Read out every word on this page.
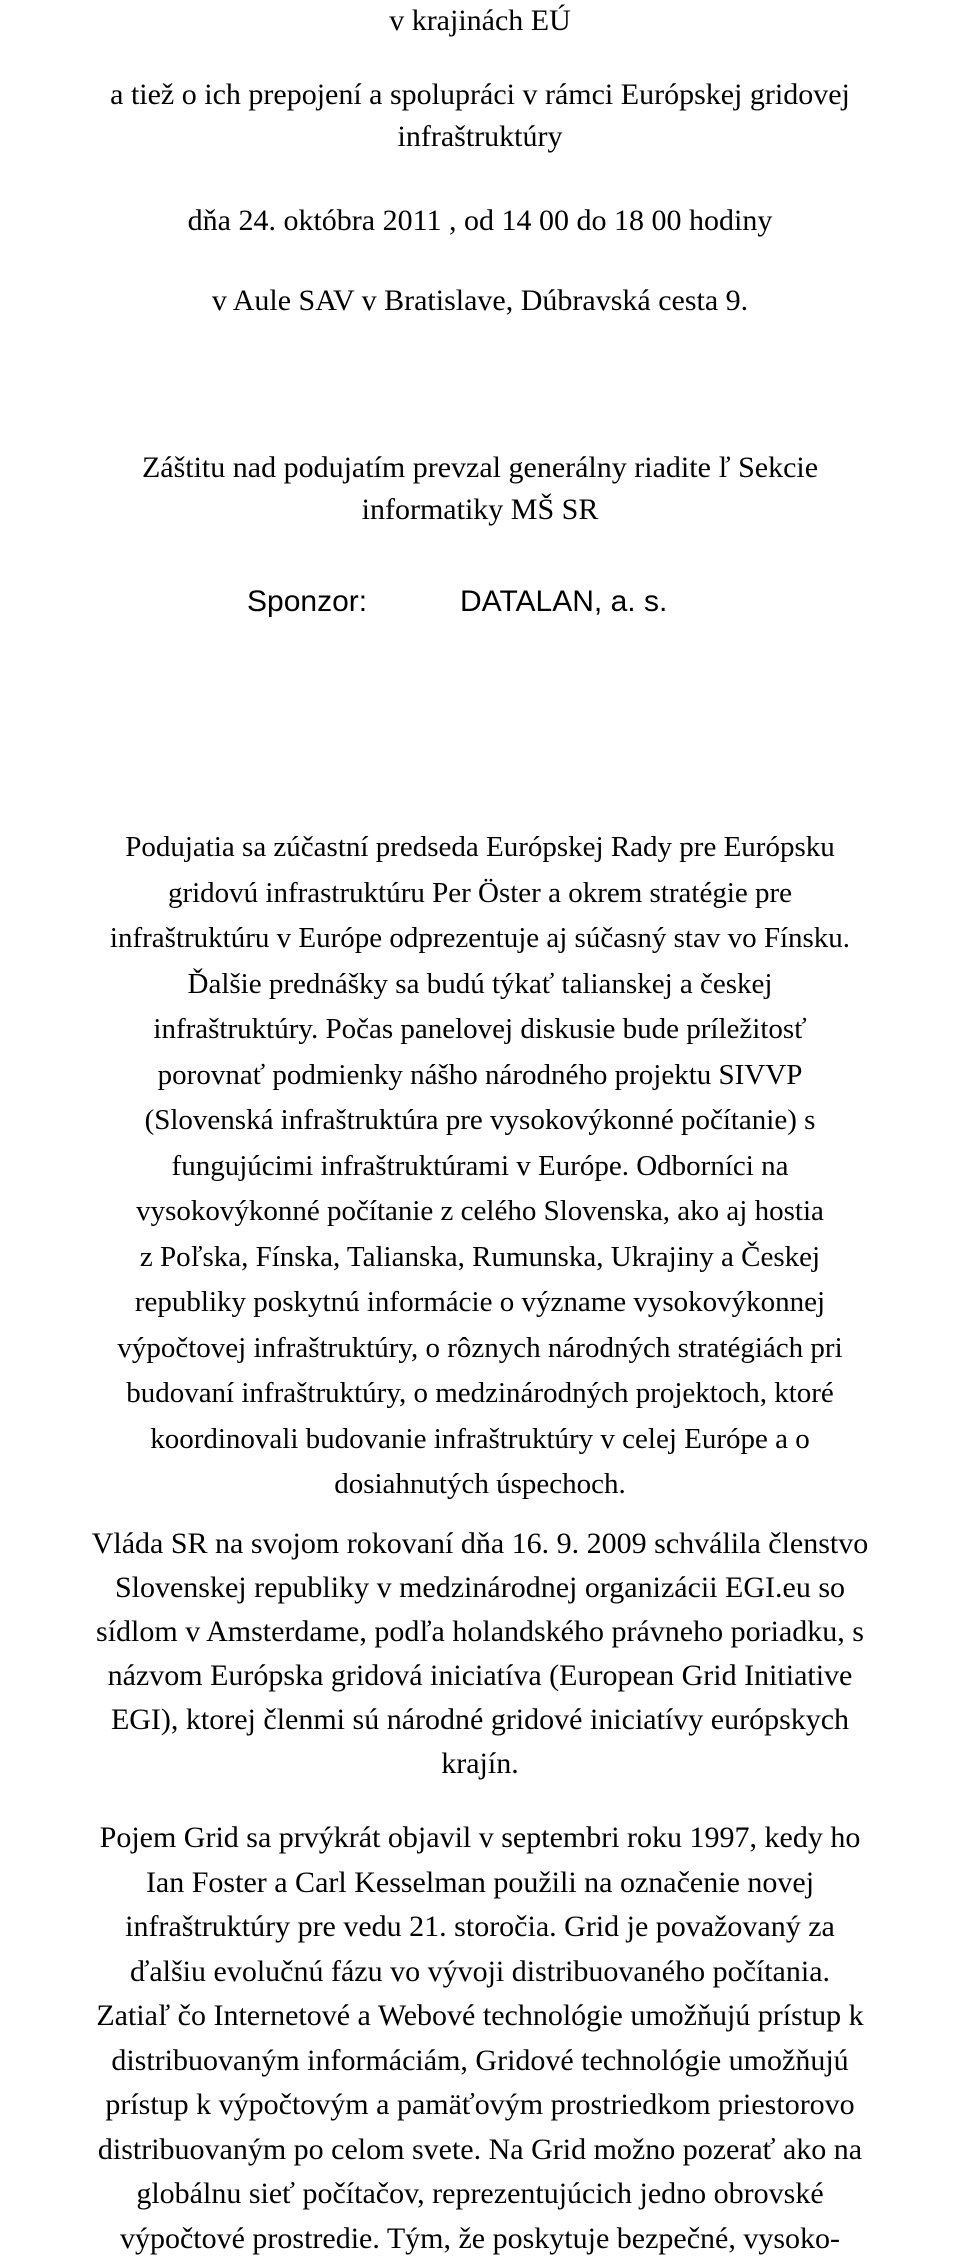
v krajinách EÚ
a tiež o ich prepojení a spolupráci v rámci Európskej gridovej
infraštruktúry
dňa 24. októbra 2011 , od 14 00 do 18 00 hodiny
v Aule SAV v Bratislave, Dúbravská cesta 9.
Záštitu nad podujatím prevzal generálny riadite ľ Sekcie
informatiky MŠ SR
Sponzor:	DATALAN, a. s.
Podujatia sa zúčastní predseda Európskej Rady pre Európsku
gridovú infrastruktúru Per Öster a okrem stratégie pre
infraštruktúru v Európe odprezentuje aj súčasný stav vo Fínsku.
Ďalšie prednášky sa budú týkať talianskej a českej
infraštruktúry. Počas panelovej diskusie bude príležitosť
porovnať podmienky nášho národného projektu SIVVP
(Slovenská infraštruktúra pre vysokovýkonné počítanie) s
fungujúcimi infraštruktúrami v Európe. Odborníci na
vysokovýkonné počítanie z celého Slovenska, ako aj hostia
z Poľska, Fínska, Talianska, Rumunska, Ukrajiny a Českej
republiky poskytnú informácie o význame vysokovýkonnej
výpočtovej infraštruktúry, o rôznych národných stratégiách pri
budovaní infraštruktúry, o medzinárodných projektoch, ktoré
koordinovali budovanie infraštruktúry v celej Európe a o
dosiahnutých úspechoch.
Vláda SR na svojom rokovaní dňa 16. 9. 2009 schválila členstvo
Slovenskej republiky v medzinárodnej organizácii EGI.eu so
sídlom v Amsterdame, podľa holandského právneho poriadku, s
názvom Európska gridová iniciatíva (European Grid Initiative
EGI), ktorej členmi sú národné gridové iniciatívy európskych
krajín.
Pojem Grid sa prvýkrát objavil v septembri roku 1997, kedy ho
Ian Foster a Carl Kesselman použili na označenie novej
infraštruktúry pre vedu 21. storočia. Grid je považovaný za
ďalšiu evolučnú fázu vo vývoji distribuovaného počítania.
Zatiaľ čo Internetové a Webové technológie umožňujú prístup k
distribuovaným informáciám, Gridové technológie umožňujú
prístup k výpočtovým a pamäťovým prostriedkom priestorovo
distribuovaným po celom svete. Na Grid možno pozerať ako na
globálnu sieť počítačov, reprezentujúcich jedno obrovské
výpočtové prostredie. Tým, že poskytuje bezpečné, vysoko-
